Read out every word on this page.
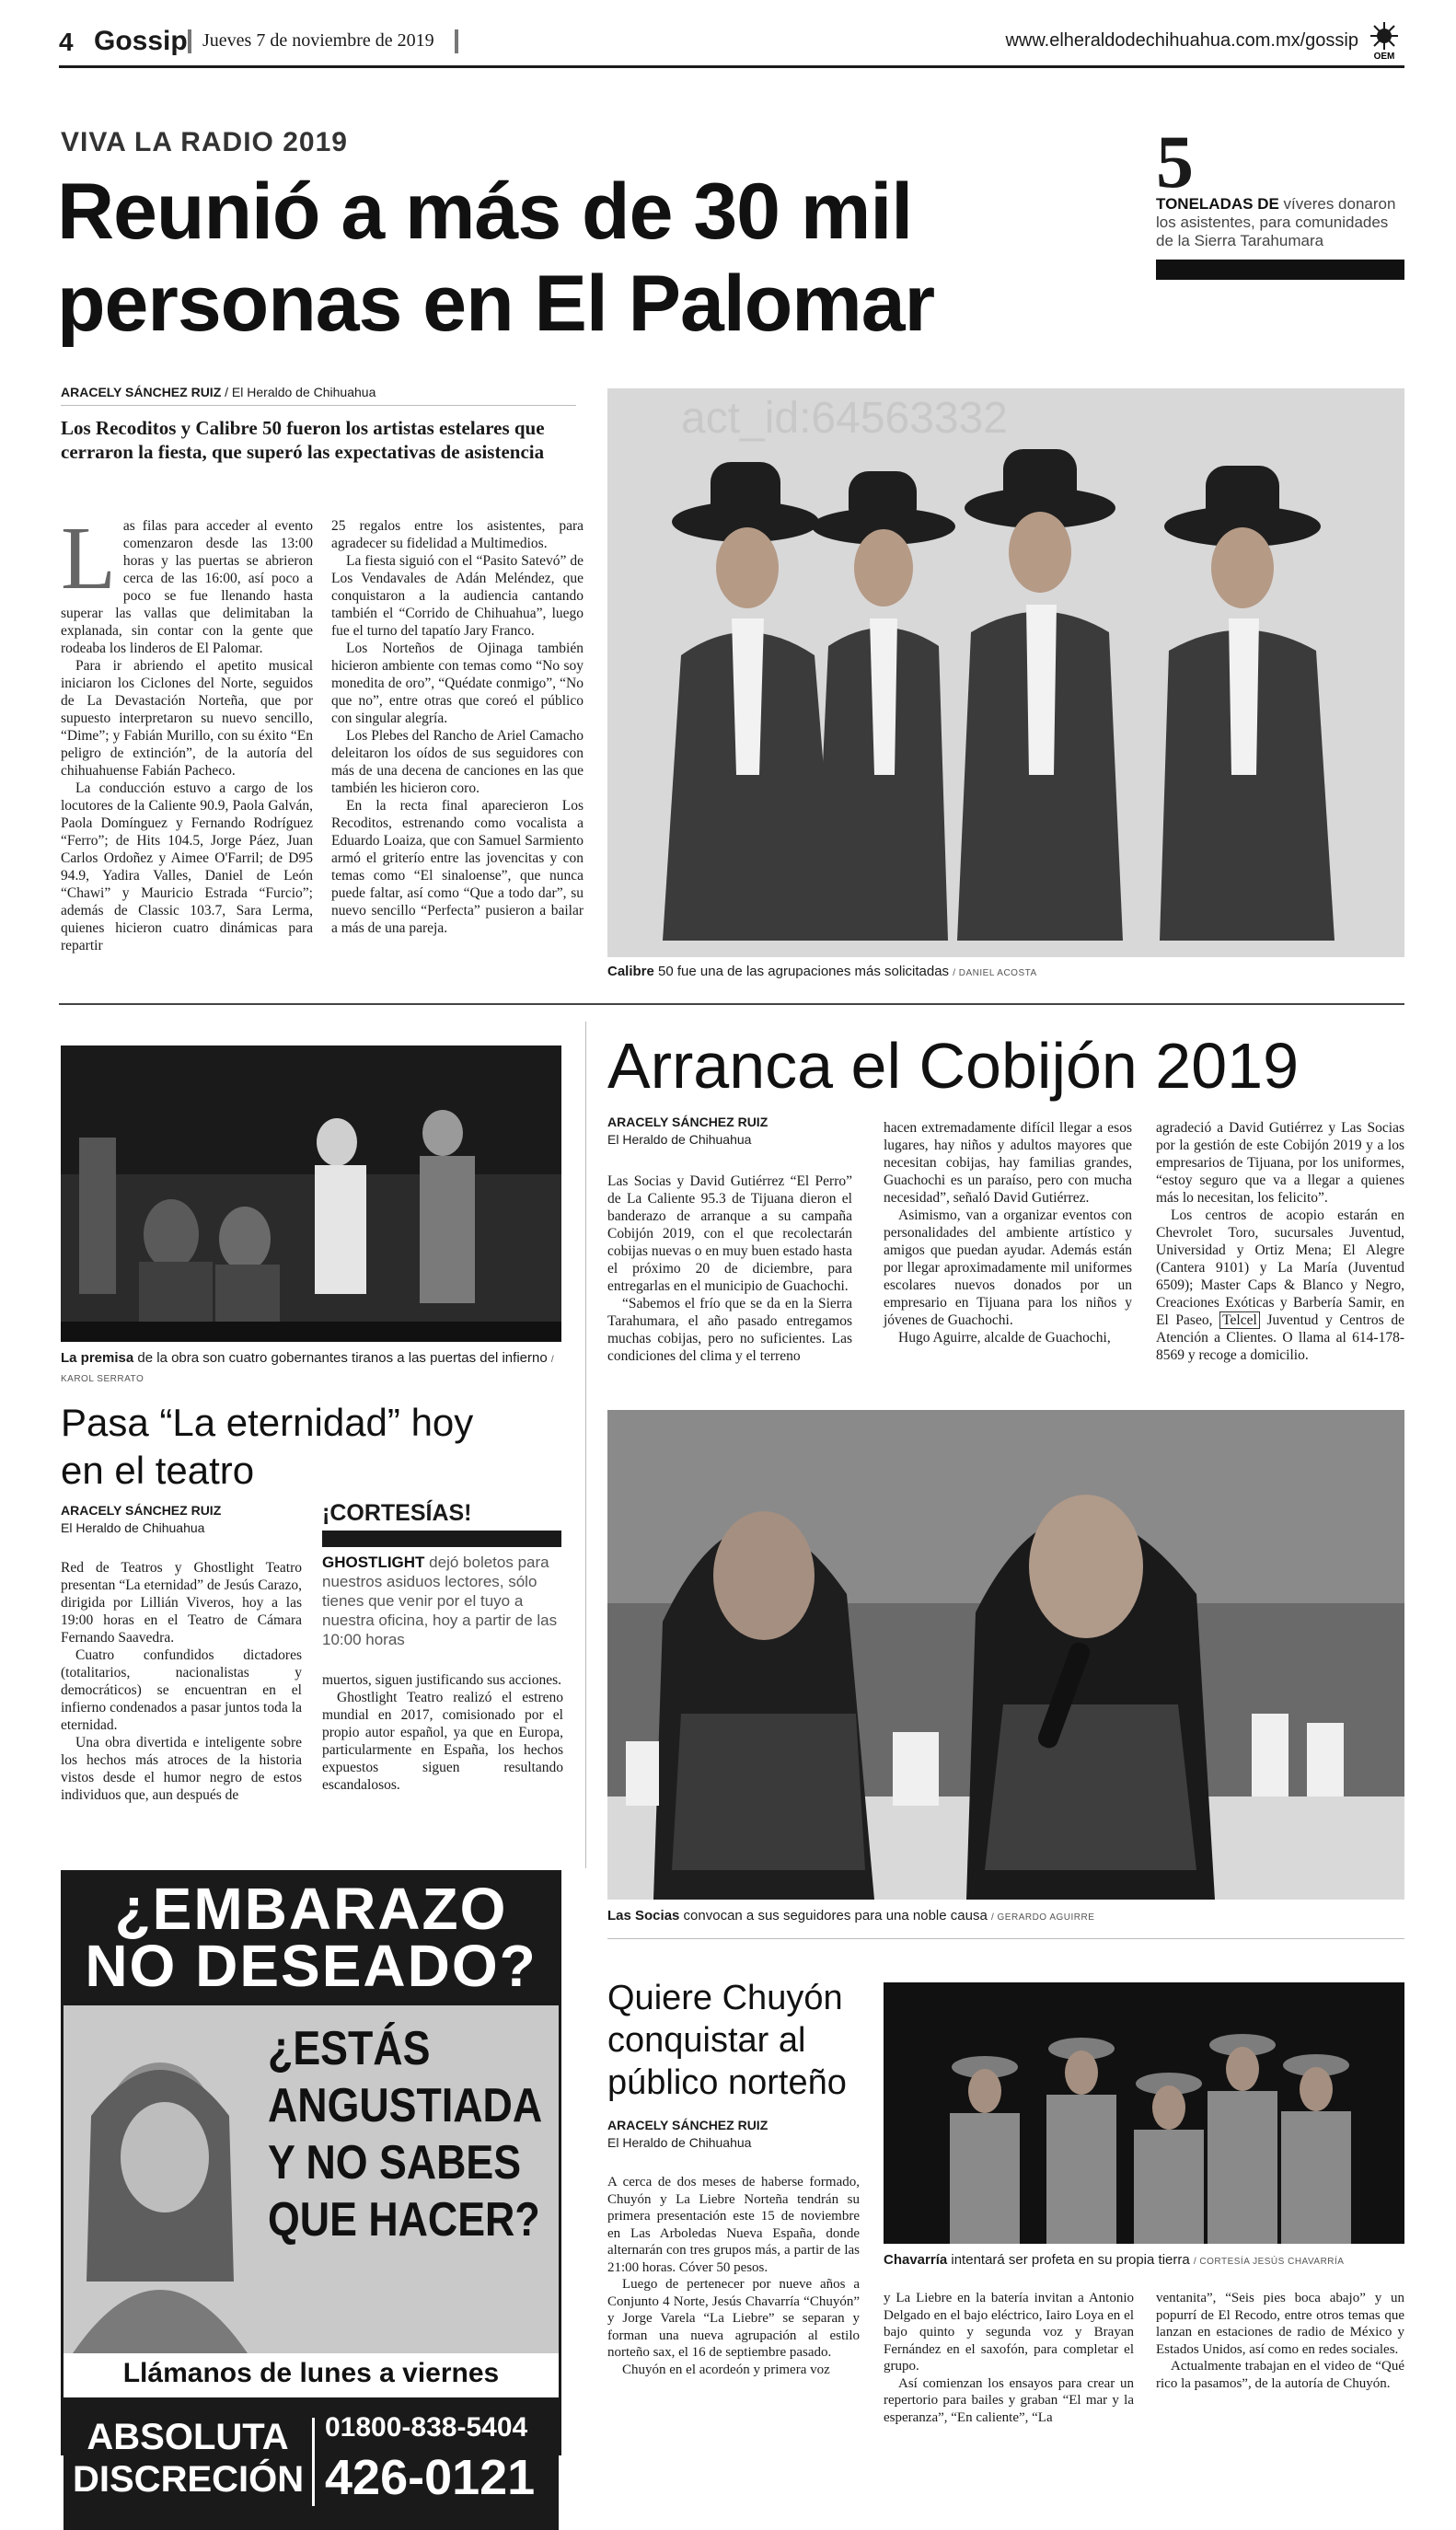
4 Gossip Jueves 7 de noviembre de 2019	www.elheraldodechihuahua.com.mx/gossip
OEM
VIVA LA RADIO 2019
Reunió a más de 30 mil
personas en El Palomar
5
TONELADAS DE víveres donaron los asistentes, para comunidades de la Sierra Tarahumara
ARACELY SÁNCHEZ RUIZ / El Heraldo de Chihuahua
Los Recoditos y Calibre 50 fueron los artistas estelares que cerraron la fiesta, que superó las expectativas de asistencia

Las filas para acceder al evento comenzaron desde las 13:00 horas y las puertas se abrieron cerca de las 16:00, así poco a poco se fue llenando hasta superar las vallas que delimitaban la explanada, sin contar con la gente que rodeaba los linderos de El Palomar.

Para ir abriendo el apetito musical iniciaron los Ciclones del Norte, seguidos de La Devastación Norteña, que por supuesto interpretaron su nuevo sencillo, “Dime”; y Fabián Murillo, con su éxito “En peligro de extinción”, de la autoría del chihuahuense Fabián Pacheco.

La conducción estuvo a cargo de los locutores de la Caliente 90.9, Paola Galván, Paola Domínguez y Fernando Rodríguez “Ferro”; de Hits 104.5, Jorge Páez, Juan Carlos Ordoñez y Aimee O'Farril; de D95 94.9, Yadira Valles, Daniel de León “Chawi” y Mauricio Estrada “Furcio”; además de Classic 103.7, Sara Lerma, quienes hicieron cuatro dinámicas para repartir

25 regalos entre los asistentes, para agradecer su fidelidad a Multimedios.

La fiesta siguió con el “Pasito Satevó” de Los Vendavales de Adán Meléndez, que conquistaron a la audiencia cantando también el “Corrido de Chihuahua”, luego fue el turno del tapatío Jary Franco.

Los Norteños de Ojinaga también hicieron ambiente con temas como “No soy monedita de oro”, “Quédate conmigo”, “No que no”, entre otras que coreó el público con singular alegría.

Los Plebes del Rancho de Ariel Camacho deleitaron los oídos de sus seguidores con más de una decena de canciones en las que también les hicieron coro.

En la recta final aparecieron Los Recoditos, estrenando como vocalista a Eduardo Loaiza, que con Samuel Sarmiento armó el griterío entre las jovencitas y con temas como “El sinaloense”, que nunca puede faltar, así como “Que a todo dar”, su nuevo sencillo “Perfecta” pusieron a bailar a más de una pareja.

act_id:64563332
Calibre 50 fue una de las agrupaciones más solicitadas / DANIEL ACOSTA
La premisa de la obra son cuatro gobernantes tiranos a las puertas del infierno / KAROL SERRATO
Pasa “La eternidad” hoy
en el teatro
ARACELY SÁNCHEZ RUIZ
El Heraldo de Chihuahua

Red de Teatros y Ghostlight Teatro presentan “La eternidad” de Jesús Carazo, dirigida por Lillián Viveros, hoy a las 19:00 horas en el Teatro de Cámara Fernando Saavedra.

Cuatro confundidos dictadores (totalitarios, nacionalistas y democráticos) se encuentran en el infierno condenados a pasar juntos toda la eternidad.

Una obra divertida e inteligente sobre los hechos más atroces de la historia vistos desde el humor negro de estos individuos que, aun después de

¡CORTESÍAS!
GHOSTLIGHT dejó boletos para nuestros asiduos lectores, sólo tienes que venir por el tuyo a nuestra oficina, hoy a partir de las 10:00 horas

muertos, siguen justificando sus acciones.

Ghostlight Teatro realizó el estreno mundial en 2017, comisionado por el propio autor español, ya que en Europa, particularmente en España, los hechos expuestos siguen resultando escandalosos.

Arranca el Cobijón 2019
ARACELY SÁNCHEZ RUIZ
El Heraldo de Chihuahua

Las Socias y David Gutiérrez “El Perro” de La Caliente 95.3 de Tijuana dieron el banderazo de arranque a su campaña Cobijón 2019, con el que recolectarán cobijas nuevas o en muy buen estado hasta el próximo 20 de diciembre, para entregarlas en el municipio de Guachochi.

“Sabemos el frío que se da en la Sierra Tarahumara, el año pasado entregamos muchas cobijas, pero no suficientes. Las condiciones del clima y el terreno

hacen extremadamente difícil llegar a esos lugares, hay niños y adultos mayores que necesitan cobijas, hay familias grandes, Guachochi es un paraíso, pero con mucha necesidad”, señaló David Gutiérrez.

Asimismo, van a organizar eventos con personalidades del ambiente artístico y amigos que puedan ayudar. Además están por llegar aproximadamente mil uniformes escolares nuevos donados por un empresario en Tijuana para los niños y jóvenes de Guachochi.

Hugo Aguirre, alcalde de Guachochi,

agradeció a David Gutiérrez y Las Socias por la gestión de este Cobijón 2019 y a los empresarios de Tijuana, por los uniformes, “estoy seguro que va a llegar a quienes más lo necesitan, los felicito”.

Los centros de acopio estarán en Chevrolet Toro, sucursales Juventud, Universidad y Ortiz Mena; El Alegre (Cantera 9101) y La María (Juventud 6509); Master Caps & Blanco y Negro, Creaciones Exóticas y Barbería Samir, en El Paseo, Telcel Juventud y Centros de Atención a Clientes. O llama al 614-178-8569 y recoge a domicilio.

Las Socias convocan a sus seguidores para una noble causa / GERARDO AGUIRRE
¿EMBARAZO
NO DESEADO?
¿ESTÁS
ANGUSTIADA
Y NO SABES
QUE HACER?
Llámanos de lunes a viernes
ABSOLUTA
DISCRECIÓN
01800-838-5404
426-0121
Quiere Chuyón
conquistar al
público norteño
ARACELY SÁNCHEZ RUIZ
El Heraldo de Chihuahua

A cerca de dos meses de haberse formado, Chuyón y La Liebre Norteña tendrán su primera presentación este 15 de noviembre en Las Arboledas Nueva España, donde alternarán con tres grupos más, a partir de las 21:00 horas. Cóver 50 pesos.

Luego de pertenecer por nueve años a Conjunto 4 Norte, Jesús Chavarría “Chuyón” y Jorge Varela “La Liebre” se separan y forman una nueva agrupación al estilo norteño sax, el 16 de septiembre pasado.

Chuyón en el acordeón y primera voz

Chavarría intentará ser profeta en su propia tierra / CORTESÍA JESÚS CHAVARRÍA

y La Liebre en la batería invitan a Antonio Delgado en el bajo eléctrico, Iairo Loya en el bajo quinto y segunda voz y Brayan Fernández en el saxofón, para completar el grupo.

Así comienzan los ensayos para crear un repertorio para bailes y graban “El mar y la esperanza”, “En caliente”, “La

ventanita”, “Seis pies boca abajo” y un popurrí de El Recodo, entre otros temas que lanzan en estaciones de radio de México y Estados Unidos, así como en redes sociales.

Actualmente trabajan en el video de “Qué rico la pasamos”, de la autoría de Chuyón.
